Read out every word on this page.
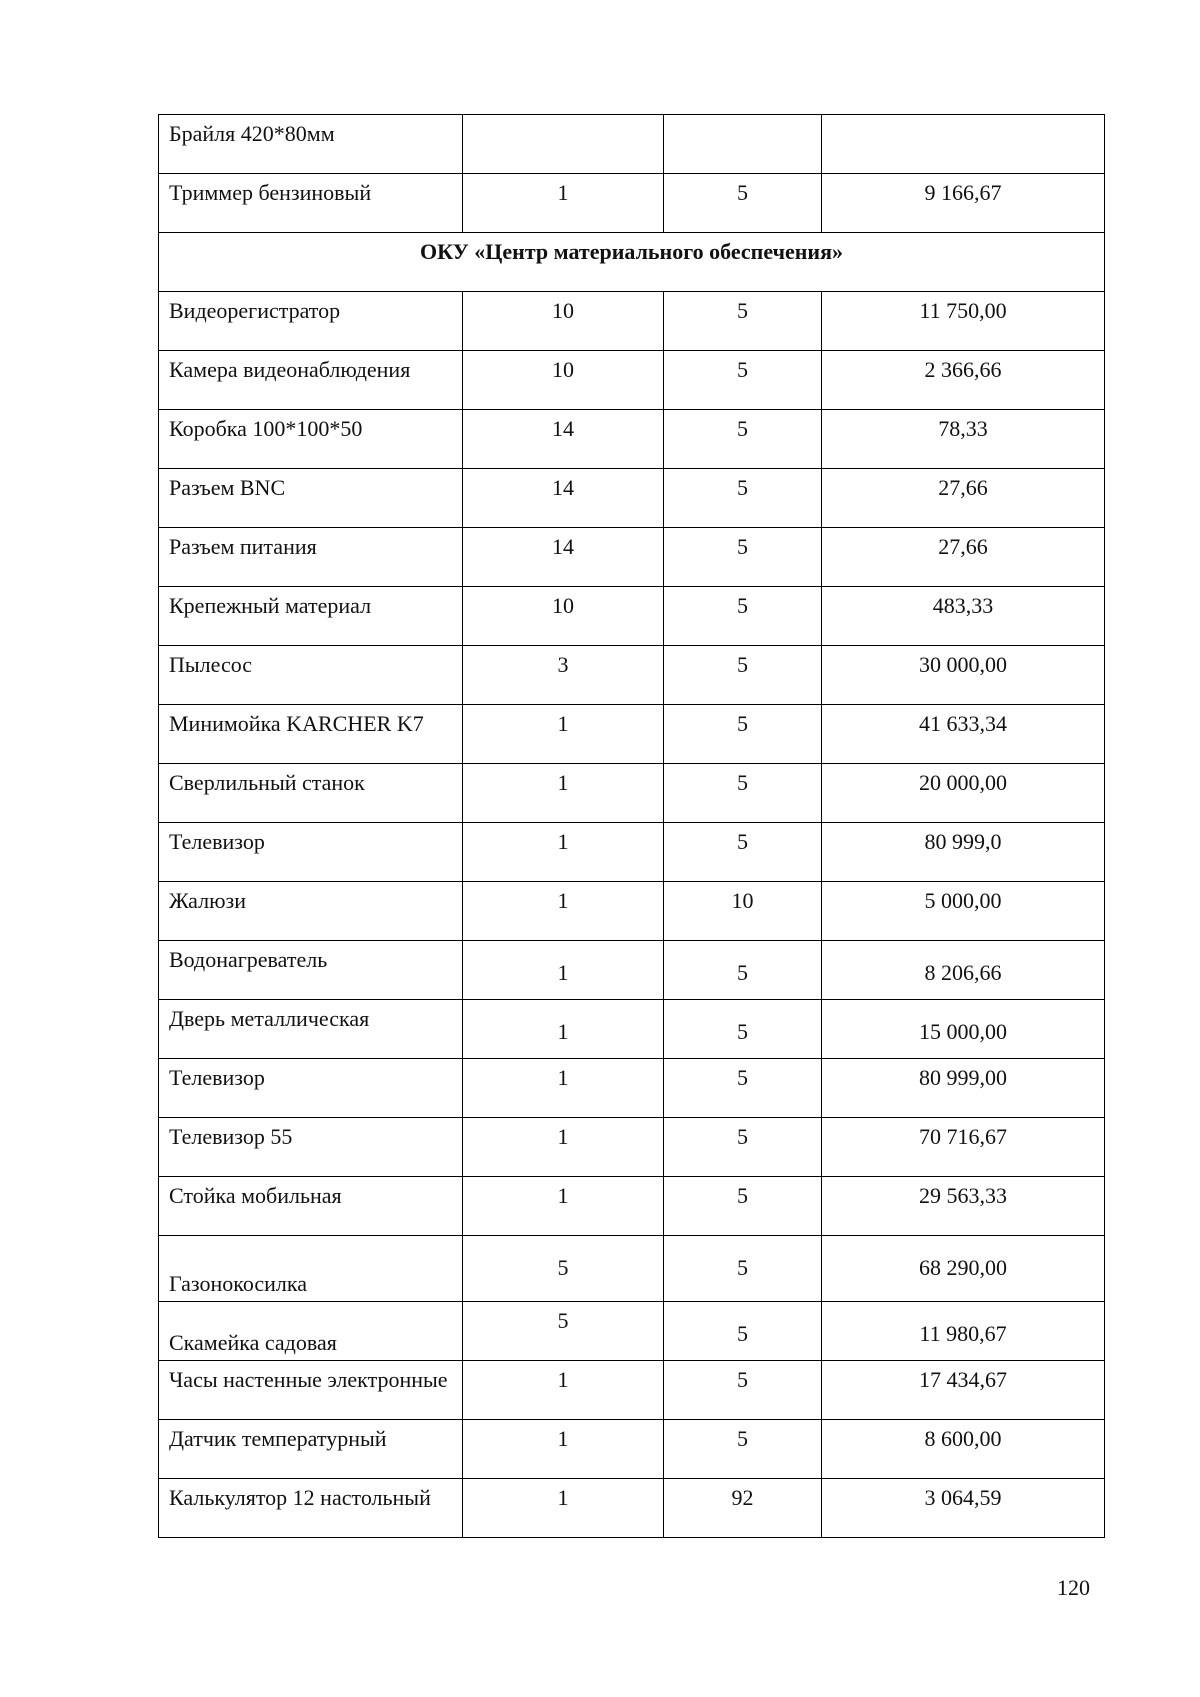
Брайля 420*80мм			
Триммер бензиновый	1	5	9 166,67
ОКУ «Центр материального обеспечения»			
Видеорегистратор	10	5	11 750,00
Камера видеонаблюдения	10	5	2 366,66
Коробка 100*100*50	14	5	78,33
Разъем BNC	14	5	27,66
Разъем питания	14	5	27,66
Крепежный материал	10	5	483,33
Пылесос	3	5	30 000,00
Минимойка KARCHER K7	1	5	41 633,34
Сверлильный станок	1	5	20 000,00
Телевизор	1	5	80 999,0
Жалюзи	1	10	5 000,00
Водонагреватель	1	5	8 206,66
Дверь металлическая	1	5	15 000,00
Телевизор	1	5	80 999,00
Телевизор 55	1	5	70 716,67
Стойка мобильная	1	5	29 563,33
Газонокосилка	5	5	68 290,00
Скамейка садовая	5	5	11 980,67
Часы настенные электронные	1	5	17 434,67
Датчик температурный	1	5	8 600,00
Калькулятор 12 настольный	1	92	3 064,59
120
